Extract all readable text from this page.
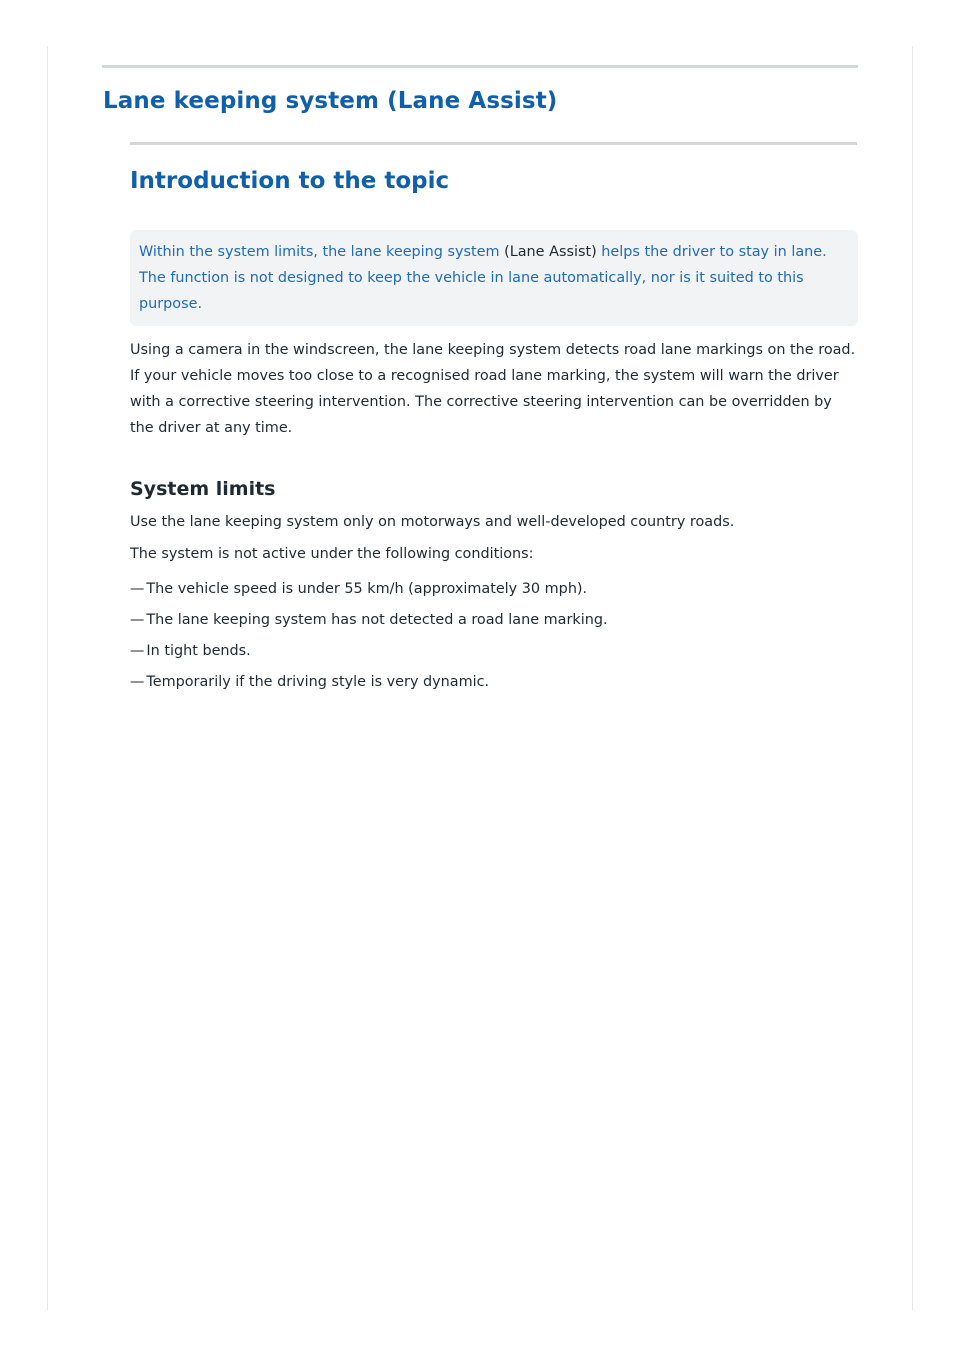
Lane keeping system (Lane Assist)
Introduction to the topic
Within the system limits, the lane keeping system (Lane Assist) helps the driver to stay in lane. The function is not designed to keep the vehicle in lane automatically, nor is it suited to this purpose.

Using a camera in the windscreen, the lane keeping system detects road lane markings on the road. If your vehicle moves too close to a recognised road lane marking, the system will warn the driver with a corrective steering intervention. The corrective steering intervention can be overridden by the driver at any time.

System limits

Use the lane keeping system only on motorways and well-developed country roads.

The system is not active under the following conditions:

— The vehicle speed is under 55 km/h (approximately 30 mph).
— The lane keeping system has not detected a road lane marking.
— In tight bends.
— Temporarily if the driving style is very dynamic.
